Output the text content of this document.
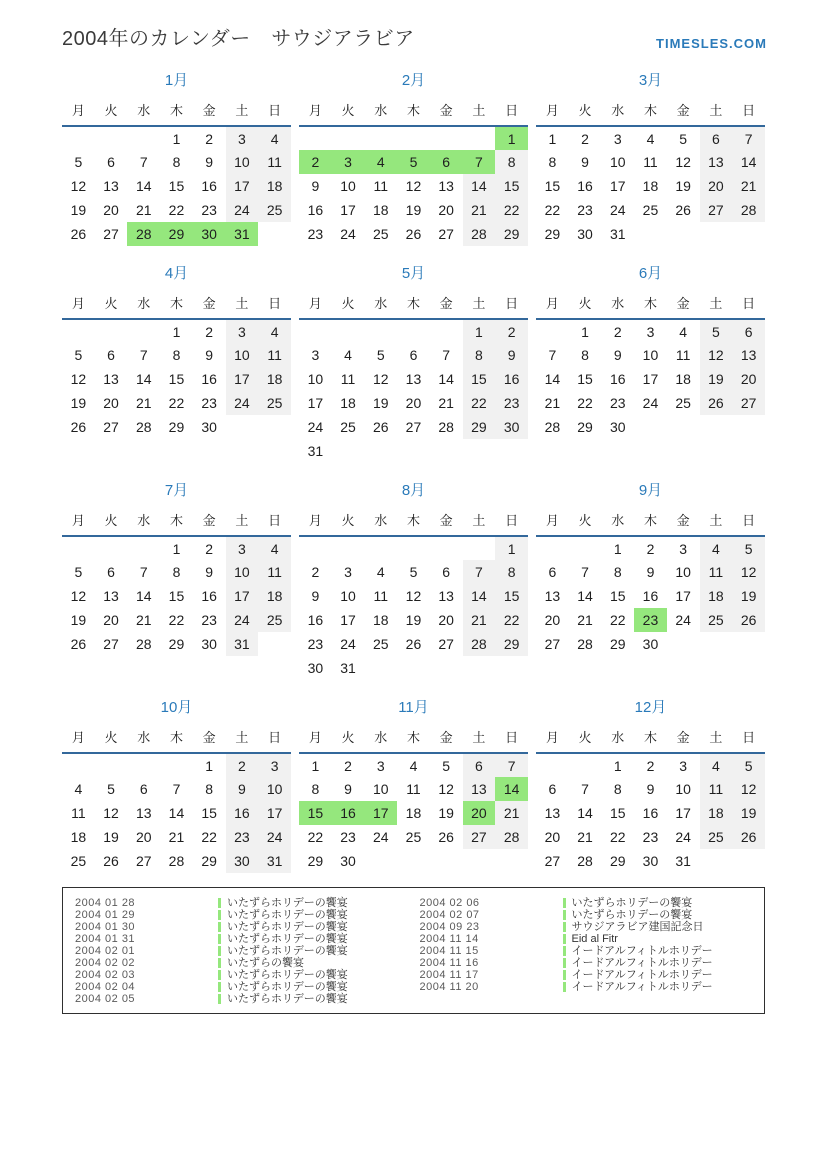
2004年のカレンダー　サウジアラビア	TIMESLES.COM
1月
月	火	水	木	金	土	日
			1	2	3	4
5	6	7	8	9	10	11
12	13	14	15	16	17	18
19	20	21	22	23	24	25
26	27	28	29	30	31	
2月
月	火	水	木	金	土	日
						1
2	3	4	5	6	7	8
9	10	11	12	13	14	15
16	17	18	19	20	21	22
23	24	25	26	27	28	29
3月
月	火	水	木	金	土	日
1	2	3	4	5	6	7
8	9	10	11	12	13	14
15	16	17	18	19	20	21
22	23	24	25	26	27	28
29	30	31				
4月
月	火	水	木	金	土	日
			1	2	3	4
5	6	7	8	9	10	11
12	13	14	15	16	17	18
19	20	21	22	23	24	25
26	27	28	29	30		
5月
月	火	水	木	金	土	日
					1	2
3	4	5	6	7	8	9
10	11	12	13	14	15	16
17	18	19	20	21	22	23
24	25	26	27	28	29	30
31						
6月
月	火	水	木	金	土	日
	1	2	3	4	5	6
7	8	9	10	11	12	13
14	15	16	17	18	19	20
21	22	23	24	25	26	27
28	29	30				
7月
月	火	水	木	金	土	日
			1	2	3	4
5	6	7	8	9	10	11
12	13	14	15	16	17	18
19	20	21	22	23	24	25
26	27	28	29	30	31	
8月
月	火	水	木	金	土	日
						1
2	3	4	5	6	7	8
9	10	11	12	13	14	15
16	17	18	19	20	21	22
23	24	25	26	27	28	29
30	31					
9月
月	火	水	木	金	土	日
		1	2	3	4	5
6	7	8	9	10	11	12
13	14	15	16	17	18	19
20	21	22	23	24	25	26
27	28	29	30			
10月
月	火	水	木	金	土	日
				1	2	3
4	5	6	7	8	9	10
11	12	13	14	15	16	17
18	19	20	21	22	23	24
25	26	27	28	29	30	31
11月
月	火	水	木	金	土	日
1	2	3	4	5	6	7
8	9	10	11	12	13	14
15	16	17	18	19	20	21
22	23	24	25	26	27	28
29	30					
12月
月	火	水	木	金	土	日
		1	2	3	4	5
6	7	8	9	10	11	12
13	14	15	16	17	18	19
20	21	22	23	24	25	26
27	28	29	30	31		
2004 01 28	いたずらホリデーの饗宴
2004 01 29	いたずらホリデーの饗宴
2004 01 30	いたずらホリデーの饗宴
2004 01 31	いたずらホリデーの饗宴
2004 02 01	いたずらホリデーの饗宴
2004 02 02	いたずらの饗宴
2004 02 03	いたずらホリデーの饗宴
2004 02 04	いたずらホリデーの饗宴
2004 02 05	いたずらホリデーの饗宴
2004 02 06	いたずらホリデーの饗宴
2004 02 07	いたずらホリデーの饗宴
2004 09 23	サウジアラビア建国記念日
2004 11 14	Eid al Fitr
2004 11 15	イードアルフィトルホリデー
2004 11 16	イードアルフィトルホリデー
2004 11 17	イードアルフィトルホリデー
2004 11 20	イードアルフィトルホリデー
